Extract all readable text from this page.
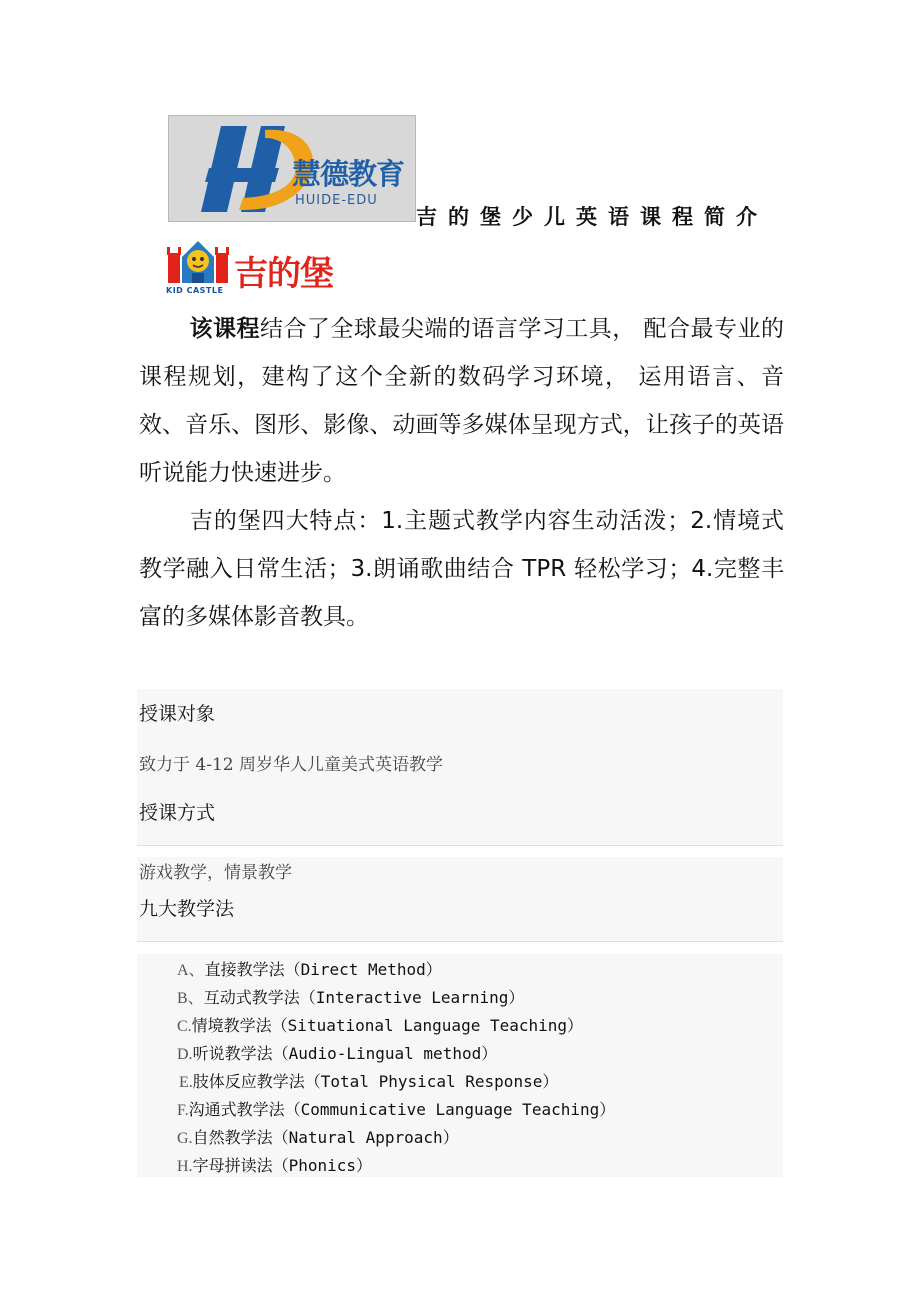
慧德教育
HUIDE-EDU
吉的堡少儿英语课程简介
KID CASTLE 吉的堡
该课程结合了全球最尖端的语言学习工具， 配合最专业的课程规划，建构了这个全新的数码学习环境， 运用语言、音效、音乐、图形、影像、动画等多媒体呈现方式，让孩子的英语听说能力快速进步。
吉的堡四大特点：1.主题式教学内容生动活泼；2.情境式教学融入日常生活；3.朗诵歌曲结合 TPR 轻松学习；4.完整丰富的多媒体影音教具。
授课对象
致力于 4-12 周岁华人儿童美式英语教学
授课方式
游戏教学，情景教学
九大教学法
A、直接教学法（Direct Method）
B、互动式教学法（Interactive Learning）
C.情境教学法（Situational Language Teaching）
D.听说教学法（Audio-Lingual method）
E.肢体反应教学法（Total Physical Response）
F.沟通式教学法（Communicative Language Teaching）
G.自然教学法（Natural Approach）
H.字母拼读法（Phonics）
